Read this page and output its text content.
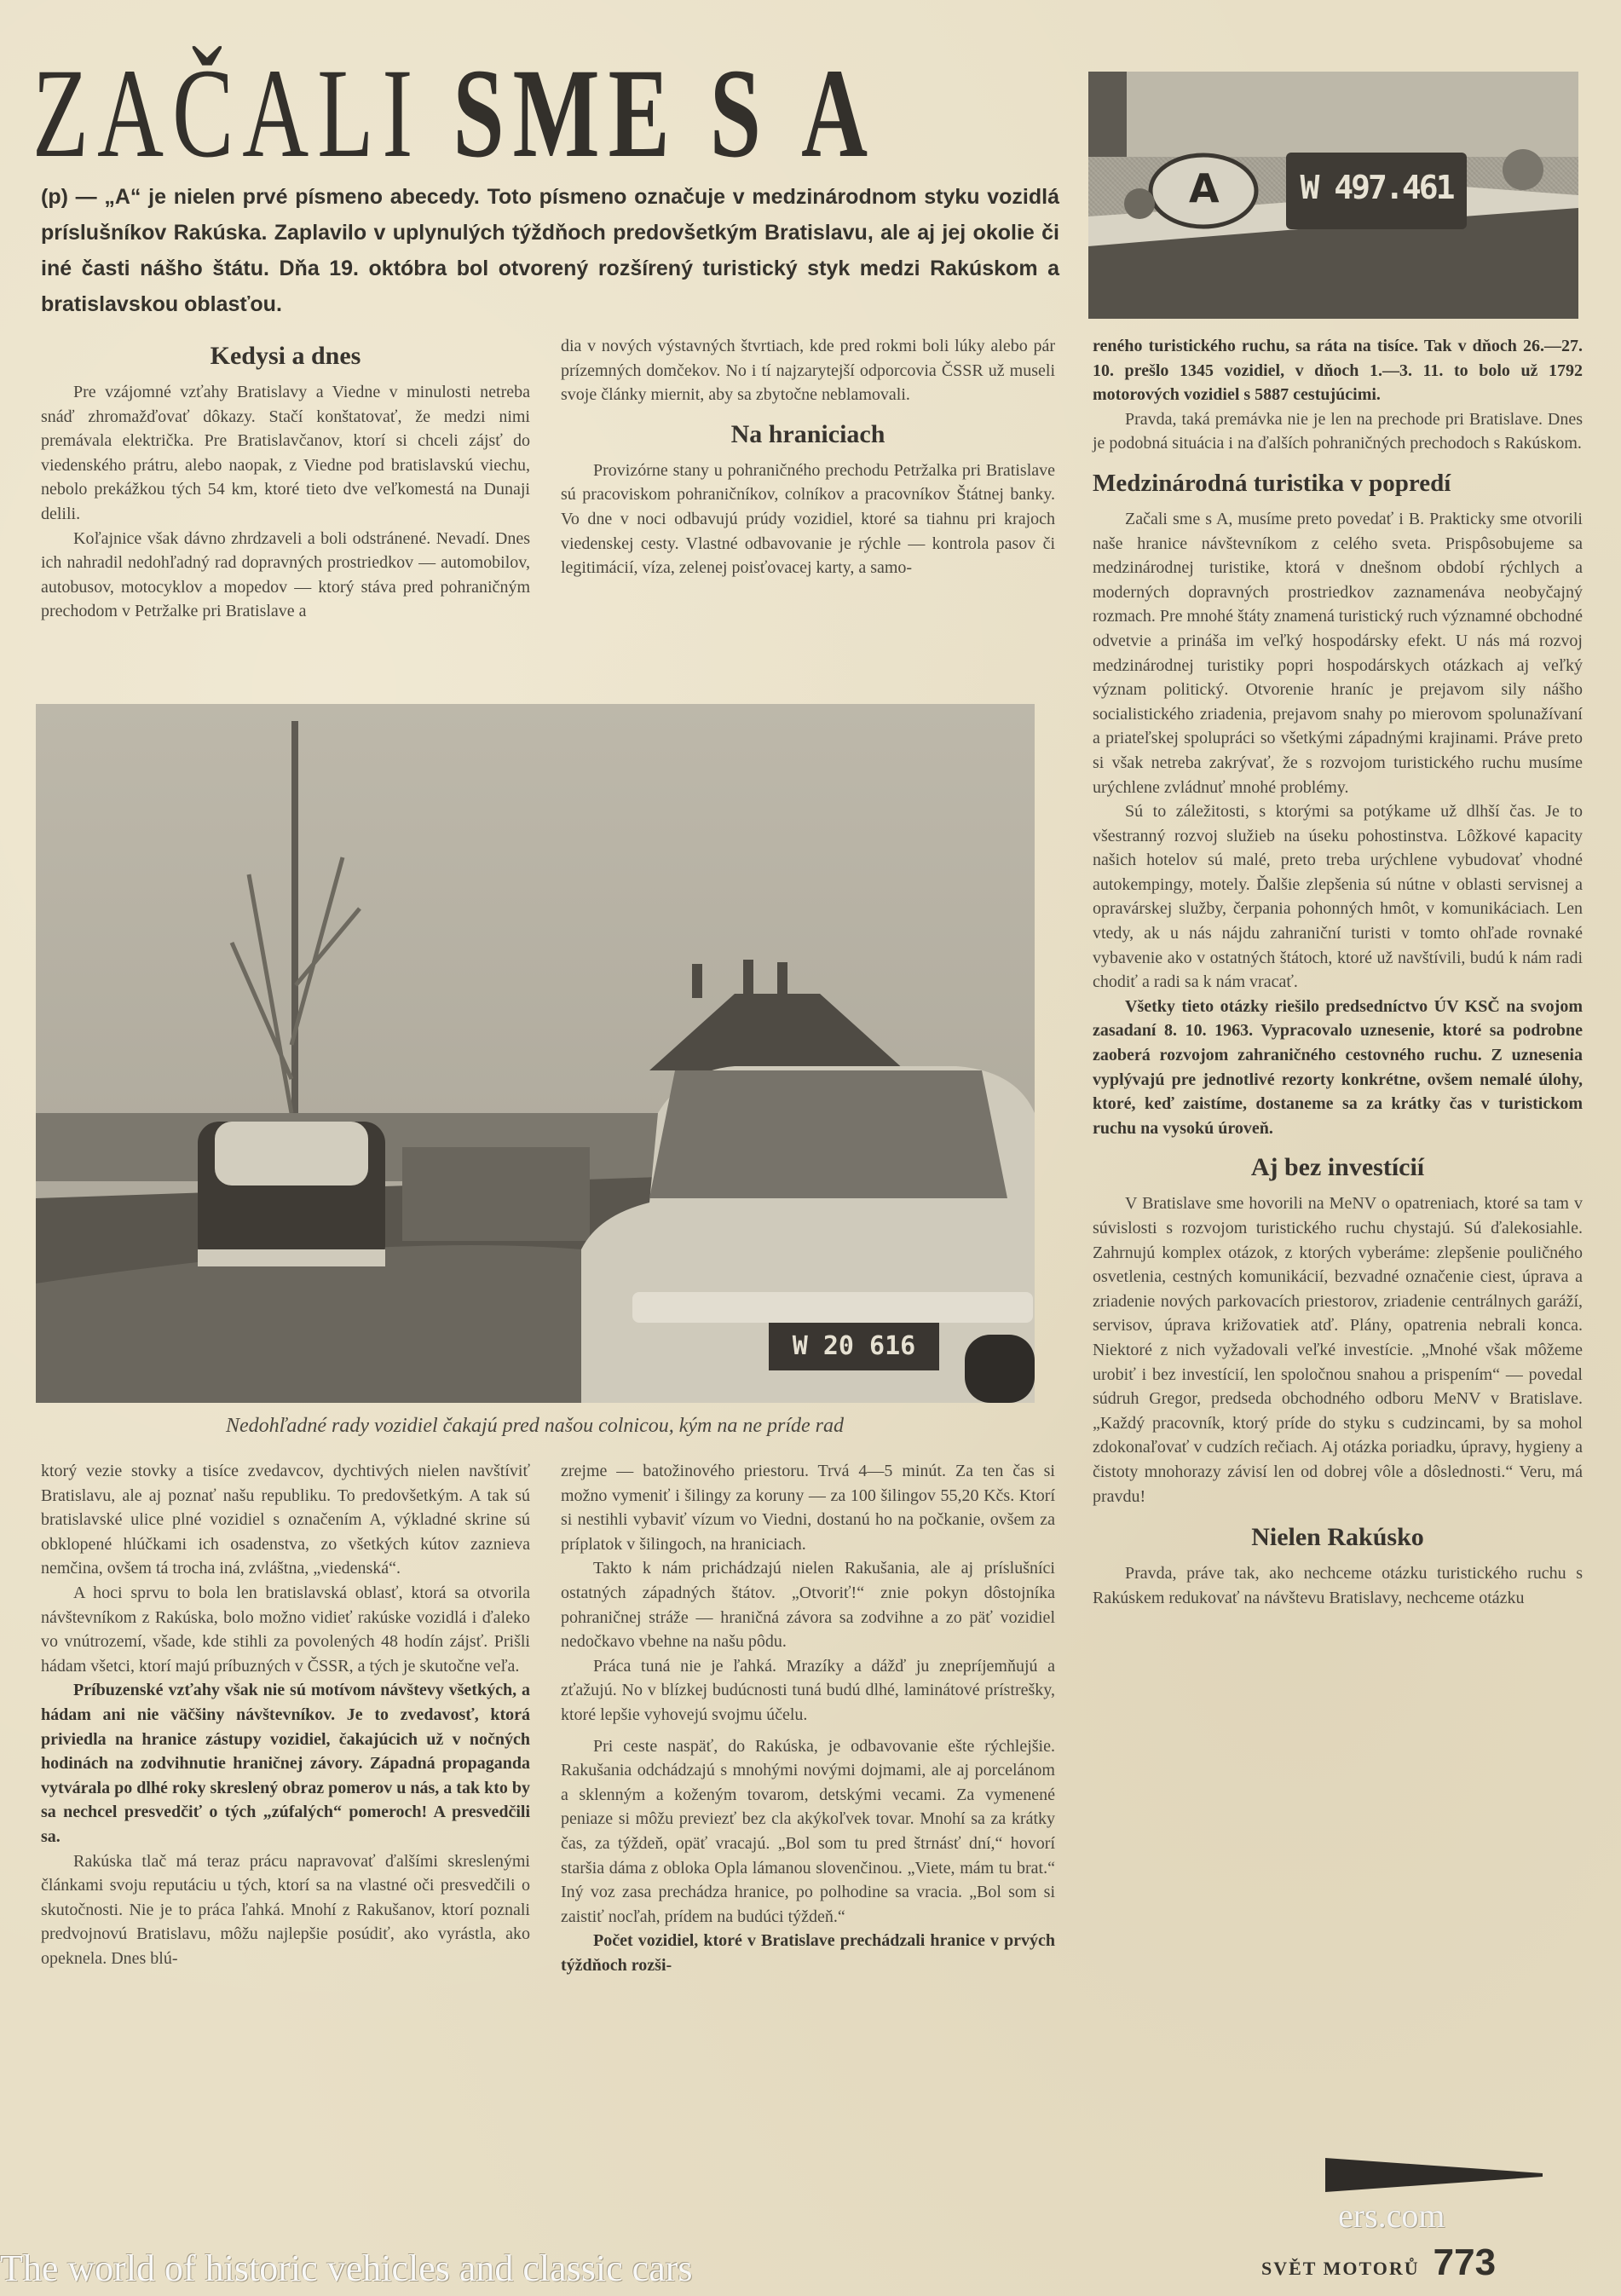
ZAČALI SME S A
(p) — „A“ je nielen prvé písmeno abecedy. Toto písmeno označuje v medzinárodnom styku vozidlá príslušníkov Rakúska. Zaplavilo v uplynulých týždňoch predovšetkým Bratislavu, ale aj jej okolie či iné časti nášho štátu. Dňa 19. októbra bol otvorený rozšírený turistický styk medzi Rakúskom a bratislavskou oblasťou.
A	W 497.461
Kedysi a dnes

Pre vzájomné vzťahy Bratislavy a Viedne v minulosti netreba snáď zhromažďovať dôkazy. Stačí konštatovať, že medzi nimi premávala električka. Pre Bratislavčanov, ktorí si chceli zájsť do viedenského prátru, alebo naopak, z Viedne pod bratislavskú viechu, nebolo prekážkou tých 54 km, ktoré tieto dve veľkomestá na Dunaji delili.

Koľajnice však dávno zhrdzaveli a boli odstránené. Nevadí. Dnes ich nahradil nedohľadný rad dopravných prostriedkov — automobilov, autobusov, motocyklov a mopedov — ktorý stáva pred pohraničným prechodom v Petržalke pri Bratislave a

dia v nových výstavných štvrtiach, kde pred rokmi boli lúky alebo pár prízemných domčekov. No i tí najzarytejší odporcovia ČSSR už museli svoje články miernit, aby sa zbytočne neblamovali.

Na hraniciach

Provizórne stany u pohraničného prechodu Petržalka pri Bratislave sú pracoviskom pohraničníkov, colníkov a pracovníkov Štátnej banky. Vo dne v noci odbavujú prúdy vozidiel, ktoré sa tiahnu pri krajoch viedenskej cesty. Vlastné odbavovanie je rýchle — kontrola pasov či legitimácií, víza, zelenej poisťovacej karty, a samo-

W 20 616
Nedohľadné rady vozidiel čakajú pred našou colnicou, kým na ne príde rad

ktorý vezie stovky a tisíce zvedavcov, dychtivých nielen navštíviť Bratislavu, ale aj poznať našu republiku. To predovšetkým. A tak sú bratislavské ulice plné vozidiel s označením A, výkladné skrine sú obklopené hlúčkami ich osadenstva, zo všetkých kútov zaznieva nemčina, ovšem tá trocha iná, zvláštna, „viedenská“.

A hoci sprvu to bola len bratislavská oblasť, ktorá sa otvorila návštevníkom z Rakúska, bolo možno vidieť rakúske vozidlá i ďaleko vo vnútrozemí, všade, kde stihli za povolených 48 hodín zájsť. Prišli hádam všetci, ktorí majú príbuzných v ČSSR, a tých je skutočne veľa.

Príbuzenské vzťahy však nie sú motívom návštevy všetkých, a hádam ani nie väčšiny návštevníkov. Je to zvedavosť, ktorá priviedla na hranice zástupy vozidiel, čakajúcich už v nočných hodinách na zodvihnutie hraničnej závory. Západná propaganda vytvárala po dlhé roky skreslený obraz pomerov u nás, a tak kto by sa nechcel presvedčiť o tých „zúfalých“ pomeroch! A presvedčili sa.

Rakúska tlač má teraz prácu napravovať ďalšími skreslenými článkami svoju reputáciu u tých, ktorí sa na vlastné oči presvedčili o skutočnosti. Nie je to práca ľahká. Mnohí z Rakušanov, ktorí poznali predvojnovú Bratislavu, môžu najlepšie posúdiť, ako vyrástla, ako opeknela. Dnes blú-

zrejme — batožinového priestoru. Trvá 4—5 minút. Za ten čas si možno vymeniť i šilingy za koruny — za 100 šilingov 55,20 Kčs. Ktorí si nestihli vybaviť vízum vo Viedni, dostanú ho na počkanie, ovšem za príplatok v šilingoch, na hraniciach.

Takto k nám prichádzajú nielen Rakušania, ale aj príslušníci ostatných západných štátov. „Otvoriť!“ znie pokyn dôstojníka pohraničnej stráže — hraničná závora sa zodvihne a zo päť vozidiel nedočkavo vbehne na našu pôdu.

Práca tuná nie je ľahká. Mrazíky a dážď ju znepríjemňujú a zťažujú. No v blízkej budúcnosti tuná budú dlhé, laminátové prístrešky, ktoré lepšie vyhovejú svojmu účelu.

Pri ceste naspäť, do Rakúska, je odbavovanie ešte rýchlejšie. Rakušania odchádzajú s mnohými novými dojmami, ale aj porcelánom a sklenným a koženým tovarom, detskými vecami. Za vymenené peniaze si môžu previezť bez cla akýkoľvek tovar. Mnohí sa za krátky čas, za týždeň, opäť vracajú. „Bol som tu pred štrnásť dní,“ hovorí staršia dáma z obloka Opla lámanou slovenčinou. „Viete, mám tu brat.“ Iný voz zasa prechádza hranice, po polhodine sa vracia. „Bol som si zaistiť nocľah, prídem na budúci týždeň.“

Počet vozidiel, ktoré v Bratislave prechádzali hranice v prvých týždňoch rozši-

reného turistického ruchu, sa ráta na tisíce. Tak v dňoch 26.—27. 10. prešlo 1345 vozidiel, v dňoch 1.—3. 11. to bolo už 1792 motorových vozidiel s 5887 cestujúcimi.

Pravda, taká premávka nie je len na prechode pri Bratislave. Dnes je podobná situácia i na ďalších pohraničných prechodoch s Rakúskom.

Medzinárodná turistika v popredí

Začali sme s A, musíme preto povedať i B. Prakticky sme otvorili naše hranice návštevníkom z celého sveta. Prispôsobujeme sa medzinárodnej turistike, ktorá v dnešnom období rýchlych a moderných dopravných prostriedkov zaznamenáva neobyčajný rozmach. Pre mnohé štáty znamená turistický ruch významné obchodné odvetvie a prináša im veľký hospodársky efekt. U nás má rozvoj medzinárodnej turistiky popri hospodárskych otázkach aj veľký význam politický. Otvorenie hraníc je prejavom sily nášho socialistického zriadenia, prejavom snahy po mierovom spolunažívaní a priateľskej spolupráci so všetkými západnými krajinami. Práve preto si však netreba zakrývať, že s rozvojom turistického ruchu musíme urýchlene zvládnuť mnohé problémy.

Sú to záležitosti, s ktorými sa potýkame už dlhší čas. Je to všestranný rozvoj služieb na úseku pohostinstva. Lôžkové kapacity našich hotelov sú malé, preto treba urýchlene vybudovať vhodné autokempingy, motely. Ďalšie zlepšenia sú nútne v oblasti servisnej a opravárskej služby, čerpania pohonných hmôt, v komunikáciach. Len vtedy, ak u nás nájdu zahraniční turisti v tomto ohľade rovnaké vybavenie ako v ostatných štátoch, ktoré už navštívili, budú k nám radi chodiť a radi sa k nám vracať.

Všetky tieto otázky riešilo predsedníctvo ÚV KSČ na svojom zasadaní 8. 10. 1963. Vypracovalo uznesenie, ktoré sa podrobne zaoberá rozvojom zahraničného cestovného ruchu. Z uznesenia vyplývajú pre jednotlivé rezorty konkrétne, ovšem nemalé úlohy, ktoré, keď zaistíme, dostaneme sa za krátky čas v turistickom ruchu na vysokú úroveň.

Aj bez investícií

V Bratislave sme hovorili na MeNV o opatreniach, ktoré sa tam v súvislosti s rozvojom turistického ruchu chystajú. Sú ďalekosiahle. Zahrnujú komplex otázok, z ktorých vyberáme: zlepšenie pouličného osvetlenia, cestných komunikácií, bezvadné označenie ciest, úprava a zriadenie nových parkovacích priestorov, zriadenie centrálnych garáží, servisov, úprava križovatiek atď. Plány, opatrenia nebrali konca. Niektoré z nich vyžadovali veľké investície. „Mnohé však môžeme urobiť i bez investícií, len spoločnou snahou a prispením“ — povedal súdruh Gregor, predseda obchodného odboru MeNV v Bratislave. „Každý pracovník, ktorý príde do styku s cudzincami, by sa mohol zdokonaľovať v cudzích rečiach. Aj otázka poriadku, úpravy, hygieny a čistoty mnohorazy závisí len od dobrej vôle a dôslednosti.“ Veru, má pravdu!

Nielen Rakúsko

Pravda, práve tak, ako nechceme otázku turistického ruchu s Rakúskem redukovať na návštevu Bratislavy, nechceme otázku

ers.com
SVĚT MOTORŮ 773
The world of historic vehicles and classic cars
